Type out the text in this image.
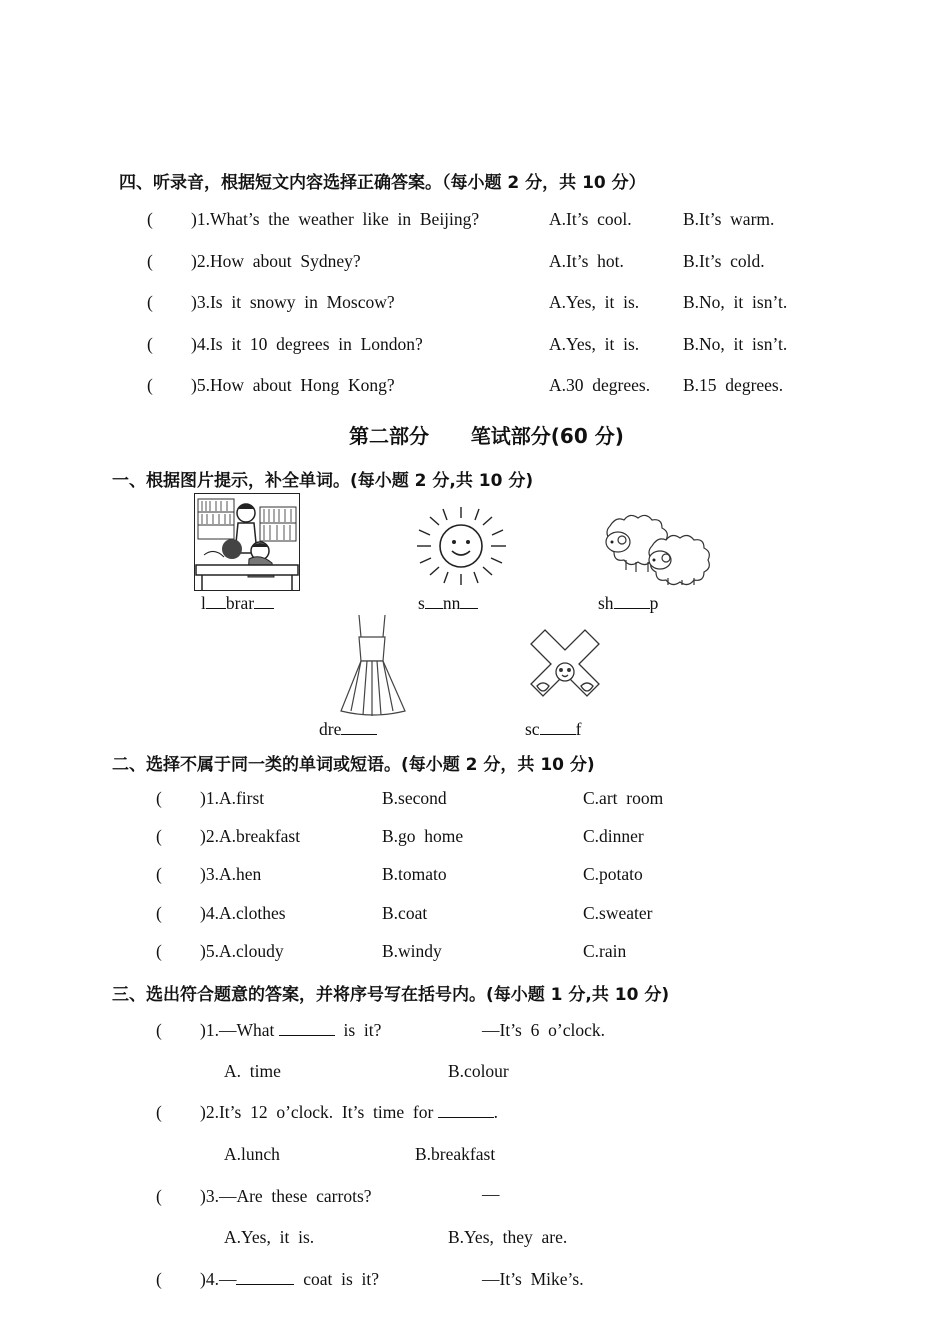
四、听录音，根据短文内容选择正确答案。（每小题 2 分，共 10 分）
( )1.What’s  the  weather  like  in  Beijing?	A.It’s  cool.	B.It’s  warm.
( )2.How  about  Sydney?	A.It’s  hot.	B.It’s  cold.
( )3.Is  it  snowy  in  Moscow?	A.Yes,  it  is.	B.No,  it  isn’t.
( )4.Is  it  10  degrees  in  London?	A.Yes,  it  is.	B.No,  it  isn’t.
( )5.How  about  Hong  Kong?	A.30  degrees. B.15  degrees.
第二部分      笔试部分(60 分)
一、根据图片提示，补全单词。(每小题 2 分,共 10 分)
l brar	s nn	sh p
dre	sc f
二、选择不属于同一类的单词或短语。(每小题 2 分，共 10 分)
( )1.A.first	B.second	C.art  room
( )2.A.breakfast	B.go  home	C.dinner
( )3.A.hen	B.tomato	C.potato
( )4.A.clothes	B.coat	C.sweater
( )5.A.cloudy	B.windy	C.rain
三、选出符合题意的答案，并将序号写在括号内。(每小题 1 分,共 10 分)
( )1.—What	is  it?	—It’s  6  o’clock.
A.  time	B.colour
( )2.It’s  12  o’clock.  It’s  time  for	.
A.lunch	B.breakfast
( )3.—Are  these  carrots?	—
A.Yes,  it  is.	B.Yes,  they  are.
( )4.—	coat  is  it?	—It’s  Mike’s.
